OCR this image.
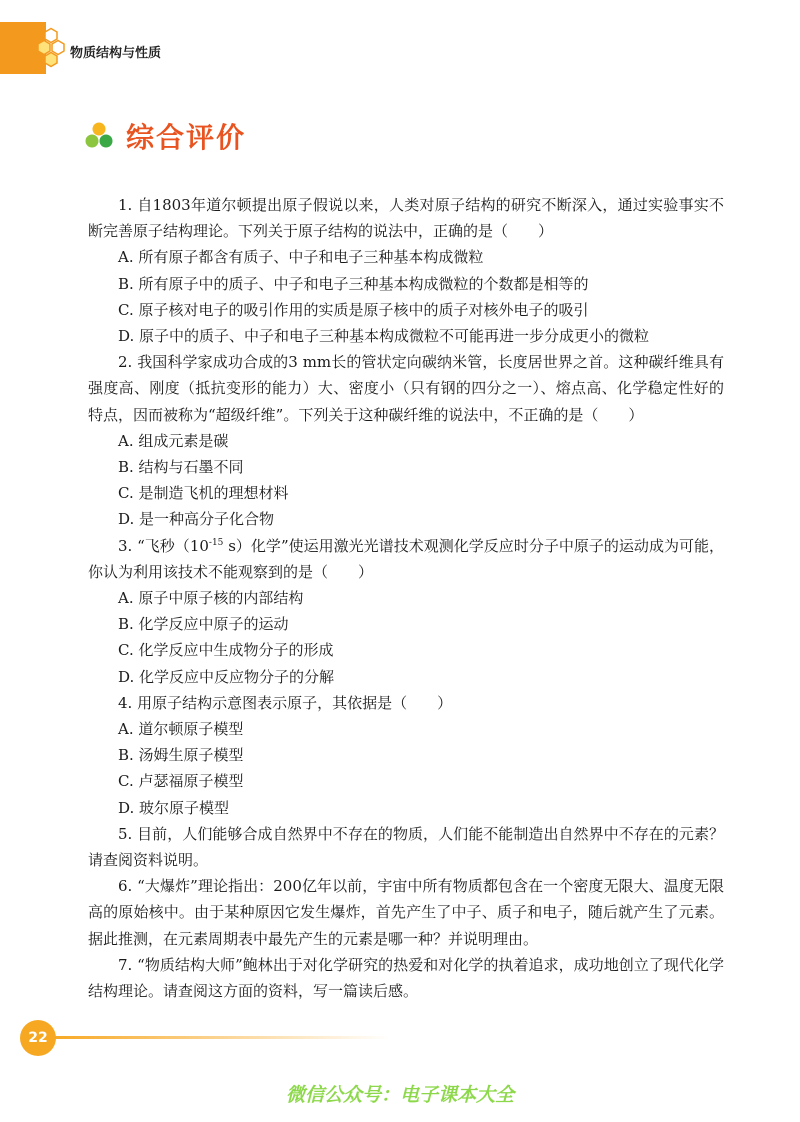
物质结构与性质
综合评价

1. 自1803年道尔顿提出原子假说以来，人类对原子结构的研究不断深入，通过实验事实不断完善原子结构理论。下列关于原子结构的说法中，正确的是（　　）

A. 所有原子都含有质子、中子和电子三种基本构成微粒

B. 所有原子中的质子、中子和电子三种基本构成微粒的个数都是相等的

C. 原子核对电子的吸引作用的实质是原子核中的质子对核外电子的吸引

D. 原子中的质子、中子和电子三种基本构成微粒不可能再进一步分成更小的微粒

2. 我国科学家成功合成的3 mm长的管状定向碳纳米管，长度居世界之首。这种碳纤维具有强度高、刚度（抵抗变形的能力）大、密度小（只有钢的四分之一）、熔点高、化学稳定性好的特点，因而被称为“超级纤维”。下列关于这种碳纤维的说法中，不正确的是（　　）

A. 组成元素是碳

B. 结构与石墨不同

C. 是制造飞机的理想材料

D. 是一种高分子化合物

3. “飞秒（$10^{-15}$ s）化学”使运用激光光谱技术观测化学反应时分子中原子的运动成为可能，你认为利用该技术不能观察到的是（　　）

A. 原子中原子核的内部结构

B. 化学反应中原子的运动

C. 化学反应中生成物分子的形成

D. 化学反应中反应物分子的分解

4. 用原子结构示意图表示原子，其依据是（　　）

A. 道尔顿原子模型

B. 汤姆生原子模型

C. 卢瑟福原子模型

D. 玻尔原子模型

5. 目前，人们能够合成自然界中不存在的物质，人们能不能制造出自然界中不存在的元素？请查阅资料说明。

6. “大爆炸”理论指出：200亿年以前，宇宙中所有物质都包含在一个密度无限大、温度无限高的原始核中。由于某种原因它发生爆炸，首先产生了中子、质子和电子，随后就产生了元素。据此推测，在元素周期表中最先产生的元素是哪一种？并说明理由。

7. “物质结构大师”鲍林出于对化学研究的热爱和对化学的执着追求，成功地创立了现代化学结构理论。请查阅这方面的资料，写一篇读后感。

22
微信公众号：电子课本大全
